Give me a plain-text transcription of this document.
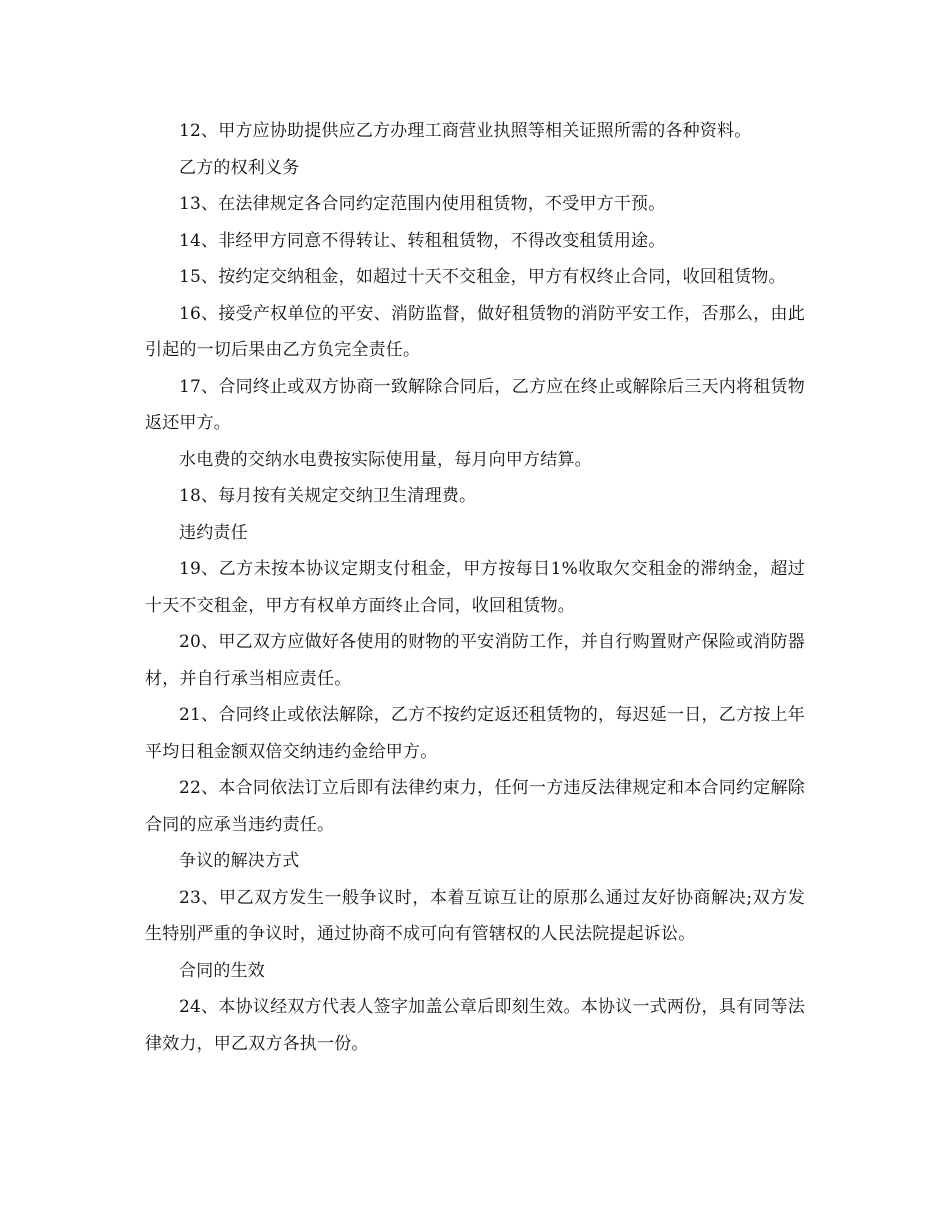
12、甲方应协助提供应乙方办理工商营业执照等相关证照所需的各种资料。

乙方的权利义务

13、在法律规定各合同约定范围内使用租赁物，不受甲方干预。

14、非经甲方同意不得转让、转租租赁物，不得改变租赁用途。

15、按约定交纳租金，如超过十天不交租金，甲方有权终止合同，收回租赁物。

16、接受产权单位的平安、消防监督，做好租赁物的消防平安工作，否那么，由此引起的一切后果由乙方负完全责任。

17、合同终止或双方协商一致解除合同后，乙方应在终止或解除后三天内将租赁物返还甲方。

水电费的交纳水电费按实际使用量，每月向甲方结算。

18、每月按有关规定交纳卫生清理费。

违约责任

19、乙方未按本协议定期支付租金，甲方按每日1%收取欠交租金的滞纳金，超过十天不交租金，甲方有权单方面终止合同，收回租赁物。

20、甲乙双方应做好各使用的财物的平安消防工作，并自行购置财产保险或消防器材，并自行承当相应责任。

21、合同终止或依法解除，乙方不按约定返还租赁物的，每迟延一日，乙方按上年平均日租金额双倍交纳违约金给甲方。

22、本合同依法订立后即有法律约束力，任何一方违反法律规定和本合同约定解除合同的应承当违约责任。

争议的解决方式

23、甲乙双方发生一般争议时，本着互谅互让的原那么通过友好协商解决;双方发生特别严重的争议时，通过协商不成可向有管辖权的人民法院提起诉讼。

合同的生效

24、本协议经双方代表人签字加盖公章后即刻生效。本协议一式两份，具有同等法律效力，甲乙双方各执一份。
